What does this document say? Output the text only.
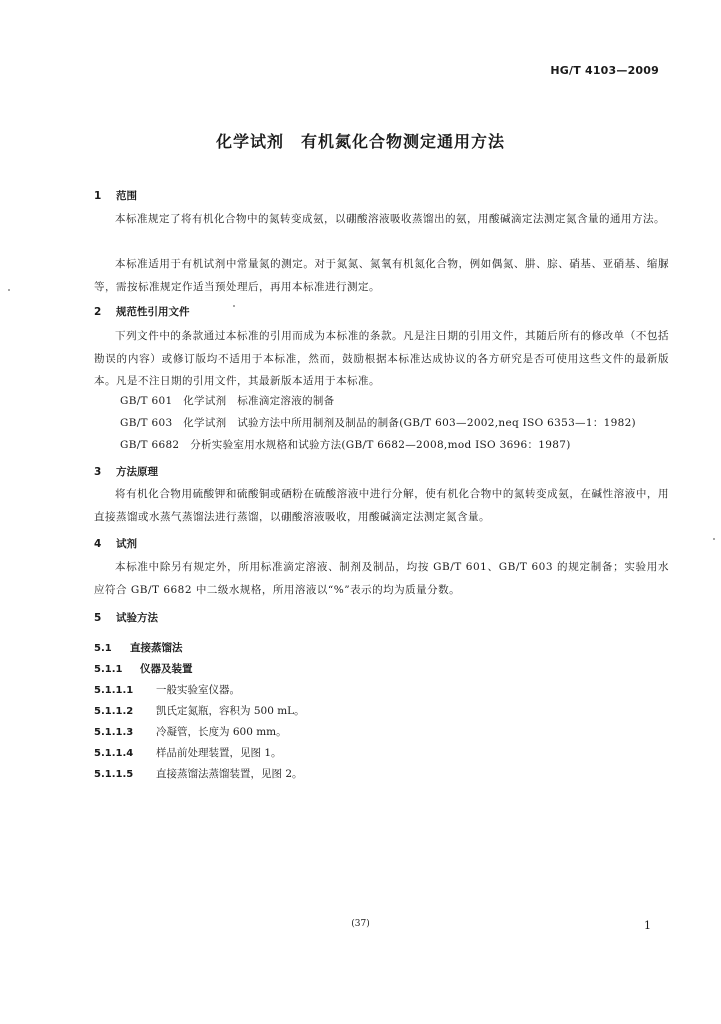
HG/T 4103—2009
化学试剂　有机氮化合物测定通用方法
1 范围
本标准规定了将有机化合物中的氮转变成氨，以硼酸溶液吸收蒸馏出的氨，用酸碱滴定法测定氮含量的通用方法。
本标准适用于有机试剂中常量氮的测定。对于氮氮、氮氧有机氮化合物，例如偶氮、肼、腙、硝基、亚硝基、缩脲等，需按标准规定作适当预处理后，再用本标准进行测定。
2 规范性引用文件
下列文件中的条款通过本标准的引用而成为本标准的条款。凡是注日期的引用文件，其随后所有的修改单（不包括勘误的内容）或修订版均不适用于本标准，然而，鼓励根据本标准达成协议的各方研究是否可使用这些文件的最新版本。凡是不注日期的引用文件，其最新版本适用于本标准。
GB/T 601　化学试剂　标准滴定溶液的制备
GB/T 603　化学试剂　试验方法中所用制剂及制品的制备(GB/T 603—2002,neq ISO 6353—1：1982)
GB/T 6682　分析实验室用水规格和试验方法(GB/T 6682—2008,mod ISO 3696：1987)
3 方法原理
将有机化合物用硫酸钾和硫酸铜或硒粉在硫酸溶液中进行分解，使有机化合物中的氮转变成氨，在碱性溶液中，用直接蒸馏或水蒸气蒸馏法进行蒸馏，以硼酸溶液吸收，用酸碱滴定法测定氮含量。
4 试剂
本标准中除另有规定外，所用标准滴定溶液、制剂及制品，均按 GB/T 601、GB/T 603 的规定制备；实验用水应符合 GB/T 6682 中二级水规格，所用溶液以“%”表示的均为质量分数。
5 试验方法
5.1 直接蒸馏法
5.1.1 仪器及装置
5.1.1.1 一般实验室仪器。
5.1.1.2 凯氏定氮瓶，容积为 500 mL。
5.1.1.3 冷凝管，长度为 600 mm。
5.1.1.4 样品前处理装置，见图 1。
5.1.1.5 直接蒸馏法蒸馏装置，见图 2。
(37)	1
